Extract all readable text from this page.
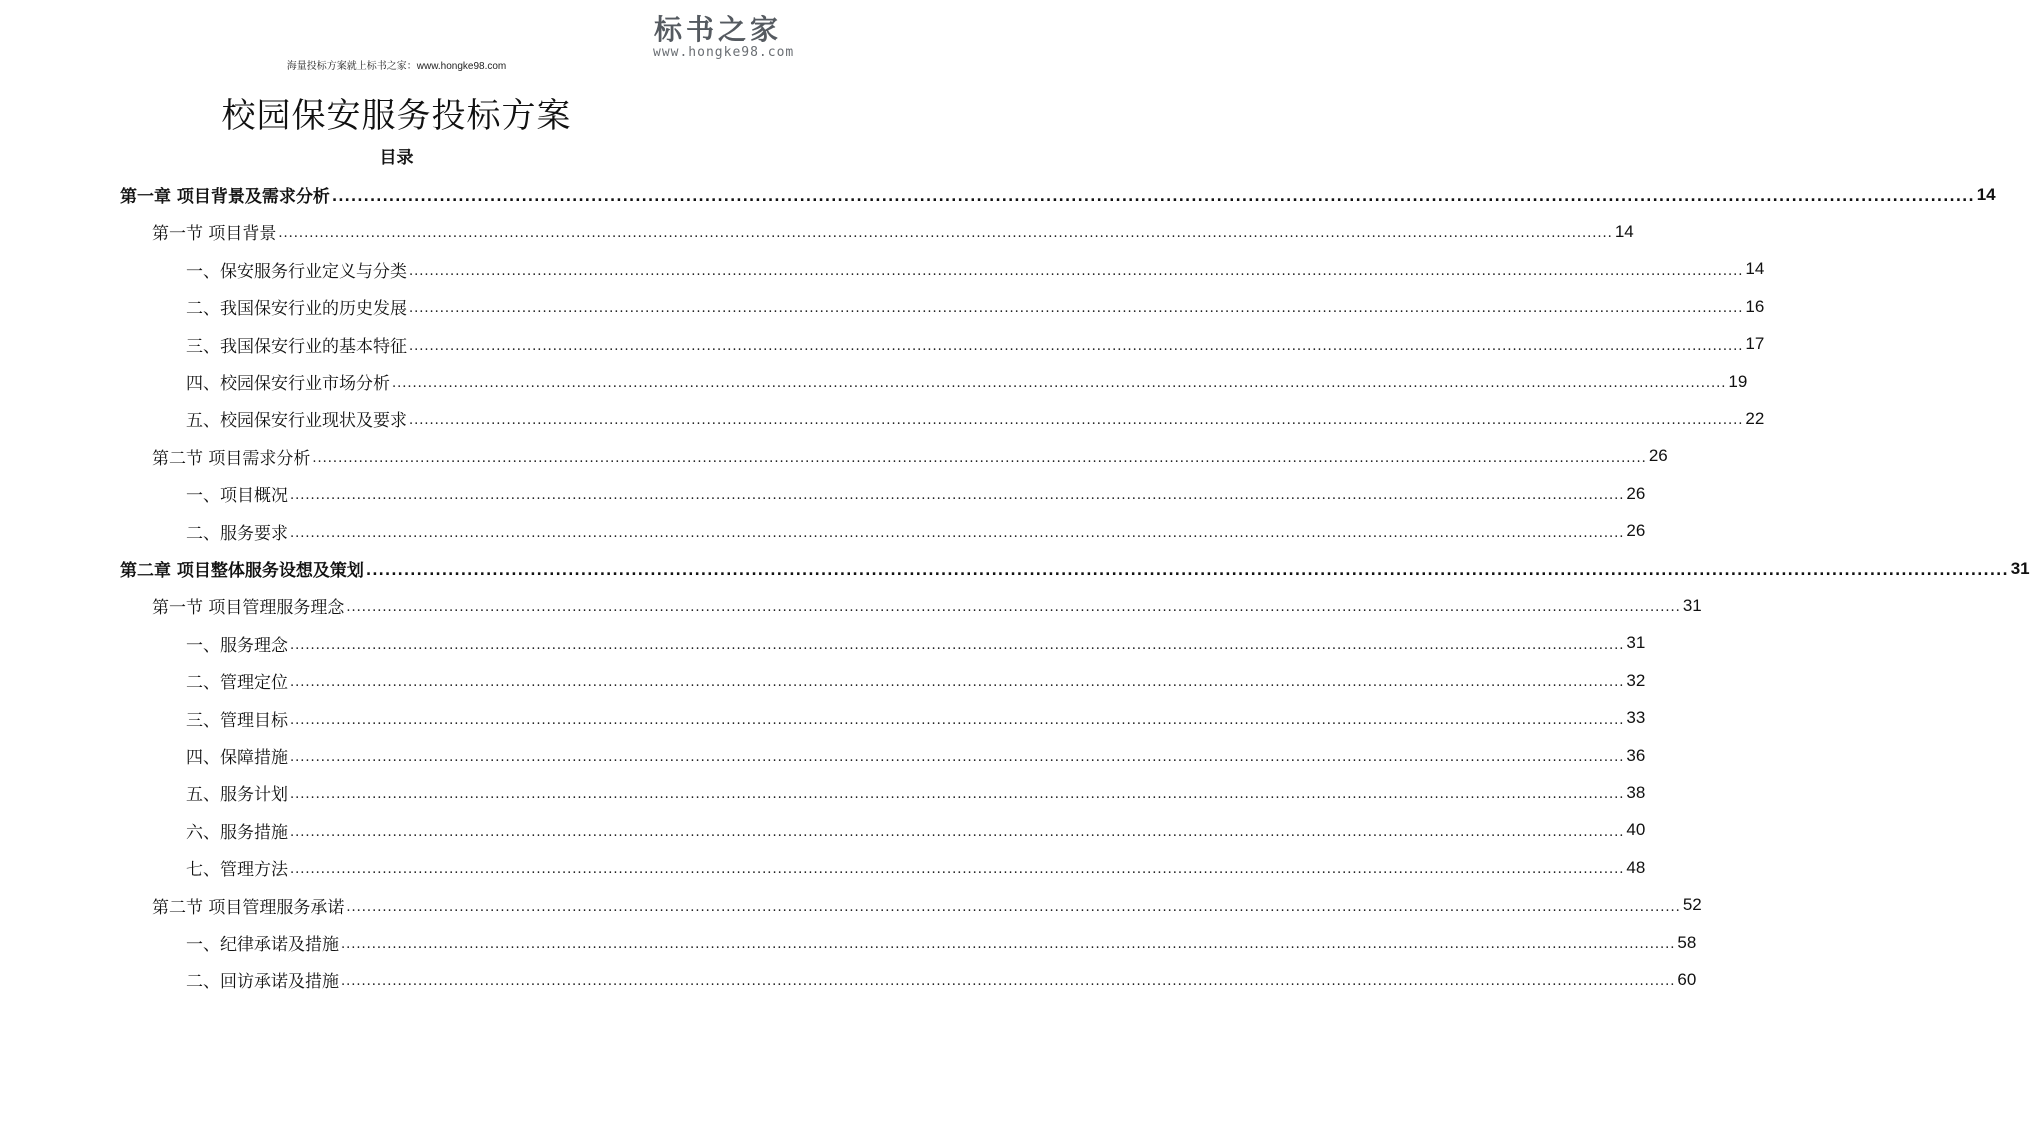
海量投标方案就上标书之家：www.hongke98.com
标书之家
www.hongke98.com
校园保安服务投标方案
目录
第一章 项目背景及需求分析 .................................................................................................................................................................................................................................................................... 14
第一节 项目背景 .................................................................................................................................................................................................................................................................... 14
一、保安服务行业定义与分类 .................................................................................................................................................................................................................................................................... 14
二、我国保安行业的历史发展 .................................................................................................................................................................................................................................................................... 16
三、我国保安行业的基本特征 .................................................................................................................................................................................................................................................................... 17
四、校园保安行业市场分析 .................................................................................................................................................................................................................................................................... 19
五、校园保安行业现状及要求 .................................................................................................................................................................................................................................................................... 22
第二节 项目需求分析 .................................................................................................................................................................................................................................................................... 26
一、项目概况 .................................................................................................................................................................................................................................................................... 26
二、服务要求 .................................................................................................................................................................................................................................................................... 26
第二章 项目整体服务设想及策划 .................................................................................................................................................................................................................................................................... 31
第一节 项目管理服务理念 .................................................................................................................................................................................................................................................................... 31
一、服务理念 .................................................................................................................................................................................................................................................................... 31
二、管理定位 .................................................................................................................................................................................................................................................................... 32
三、管理目标 .................................................................................................................................................................................................................................................................... 33
四、保障措施 .................................................................................................................................................................................................................................................................... 36
五、服务计划 .................................................................................................................................................................................................................................................................... 38
六、服务措施 .................................................................................................................................................................................................................................................................... 40
七、管理方法 .................................................................................................................................................................................................................................................................... 48
第二节 项目管理服务承诺 .................................................................................................................................................................................................................................................................... 52
一、纪律承诺及措施 .................................................................................................................................................................................................................................................................... 58
二、回访承诺及措施 .................................................................................................................................................................................................................................................................... 60
